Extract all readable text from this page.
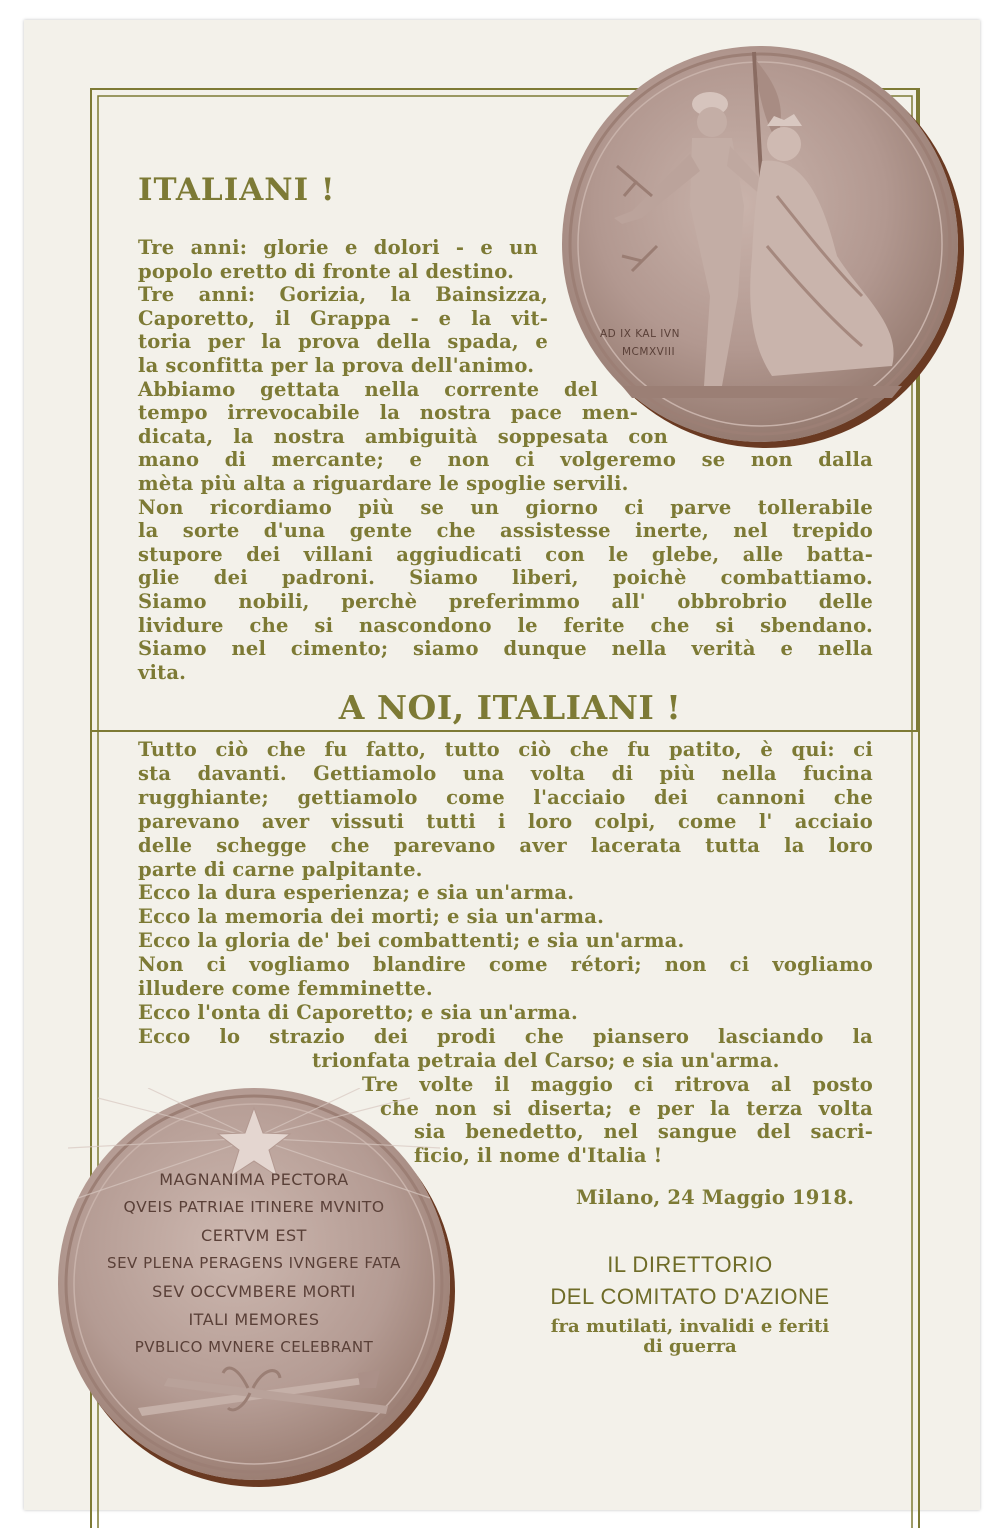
ITALIANI !
Tre anni: glorie e dolori - e un
popolo eretto di fronte al destino.
Tre anni: Gorizia, la Bainsizza,
Caporetto, il Grappa - e la vit-
toria per la prova della spada, e
la sconfitta per la prova dell'animo.
Abbiamo gettata nella corrente del
tempo irrevocabile la nostra pace men-
dicata, la nostra ambiguità soppesata con
mano di mercante; e non ci volgeremo se non dalla
mèta più alta a riguardare le spoglie servili.
Non ricordiamo più se un giorno ci parve tollerabile
la sorte d'una gente che assistesse inerte, nel trepido
stupore dei villani aggiudicati con le glebe, alle batta-
glie dei padroni. Siamo liberi, poichè combattiamo.
Siamo nobili, perchè preferimmo all' obbrobrio delle
lividure che si nascondono le ferite che si sbendano.
Siamo nel cimento; siamo dunque nella verità e nella
vita.
A NOI, ITALIANI !
Tutto ciò che fu fatto, tutto ciò che fu patito, è qui: ci
sta davanti. Gettiamolo una volta di più nella fucina
rugghiante; gettiamolo come l'acciaio dei cannoni che
parevano aver vissuti tutti i loro colpi, come l' acciaio
delle schegge che parevano aver lacerata tutta la loro
parte di carne palpitante.
Ecco la dura esperienza; e sia un'arma.
Ecco la memoria dei morti; e sia un'arma.
Ecco la gloria de' bei combattenti; e sia un'arma.
Non ci vogliamo blandire come rétori; non ci vogliamo
illudere come femminette.
Ecco l'onta di Caporetto; e sia un'arma.
Ecco lo strazio dei prodi che piansero lasciando la
trionfata petraia del Carso; e sia un'arma.
Tre volte il maggio ci ritrova al posto
che non si diserta; e per la terza volta
sia benedetto, nel sangue del sacri-
ficio, il nome d'Italia !
Milano, 24 Maggio 1918.
IL DIRETTORIO
DEL COMITATO D'AZIONE
fra mutilati, invalidi e feriti
di guerra
AD IX KAL IVN
MCMXVIII
MAGNANIMA PECTORA
QVEIS PATRIAE ITINERE MVNITO
CERTVM EST
SEV PLENA PERAGENS IVNGERE FATA
SEV OCCVMBERE MORTI
ITALI MEMORES
PVBLICO MVNERE CELEBRANT
